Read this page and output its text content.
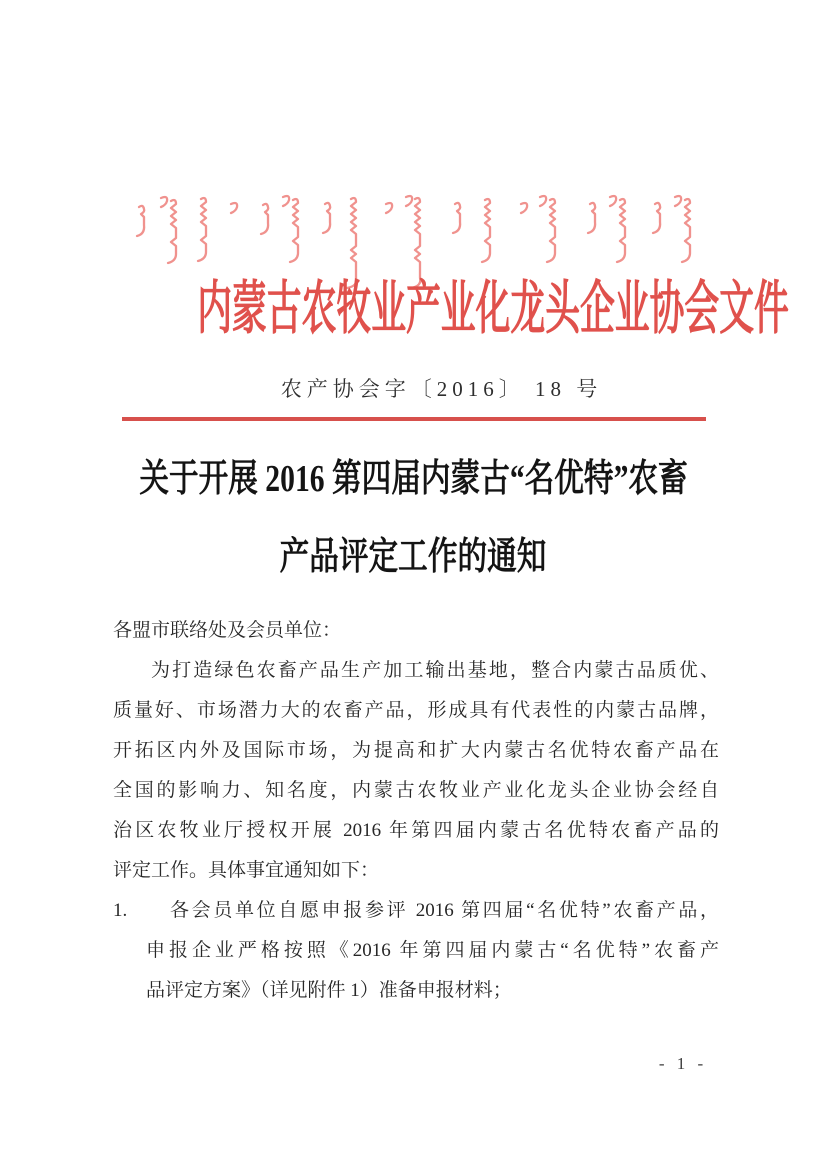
内蒙古农牧业产业化龙头企业协会文件
农产协会字〔2016〕 18 号
关于开展 2016 第四届内蒙古“名优特”农畜
产品评定工作的通知
各盟市联络处及会员单位：
为打造绿色农畜产品生产加工输出基地，整合内蒙古品质优、
质量好、市场潜力大的农畜产品，形成具有代表性的内蒙古品牌，
开拓区内外及国际市场，为提高和扩大内蒙古名优特农畜产品在
全国的影响力、知名度，内蒙古农牧业产业化龙头企业协会经自
治区农牧业厅授权开展 2016 年第四届内蒙古名优特农畜产品的
评定工作。具体事宜通知如下：
1.	各会员单位自愿申报参评 2016 第四届“名优特”农畜产品，
申报企业严格按照《2016 年第四届内蒙古“名优特”农畜产
品评定方案》（详见附件 1）准备申报材料；
- 1 -
